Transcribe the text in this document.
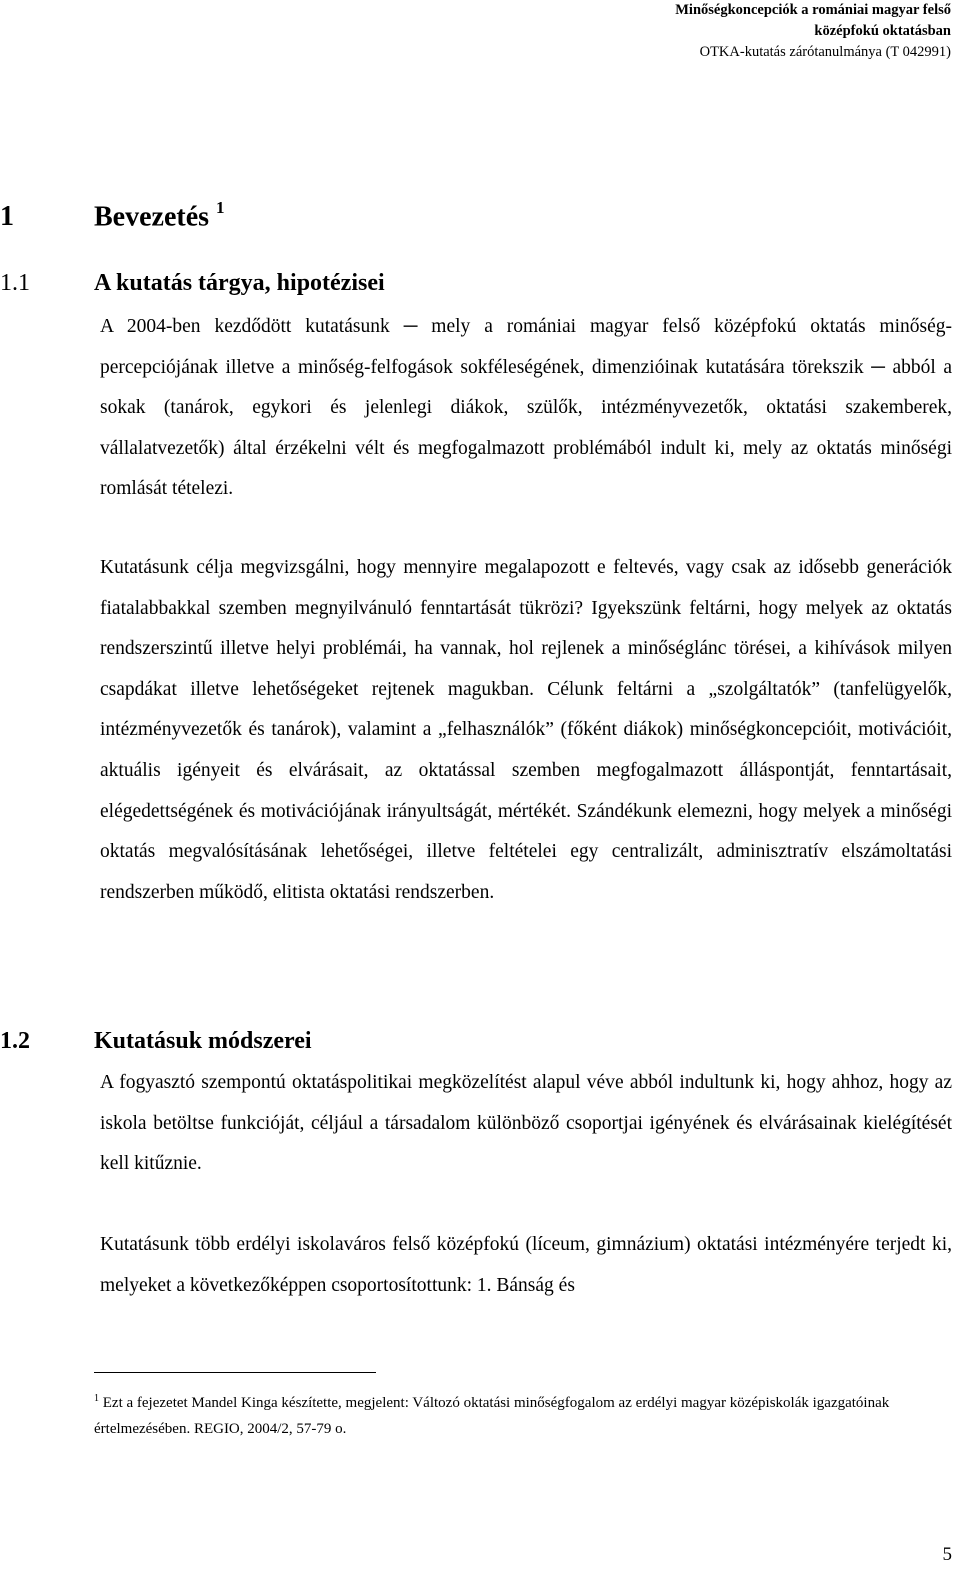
Minőségkoncepciók a romániai magyar felső
középfokú oktatásban
OTKA-kutatás zárótanulmánya (T 042991)
1	Bevezetés $^1$
1.1	A kutatás tárgya, hipotézisei
A 2004-ben kezdődött kutatásunk ─ mely a romániai magyar felső középfokú oktatás minőség-percepciójának illetve a minőség-felfogások sokféleségének, dimenzióinak kutatására törekszik ─ abból a sokak (tanárok, egykori és jelenlegi diákok, szülők, intézményvezetők, oktatási szakemberek, vállalatvezetők) által érzékelni vélt és megfogalmazott problémából indult ki, mely az oktatás minőségi romlását tételezi.
Kutatásunk célja megvizsgálni, hogy mennyire megalapozott e feltevés, vagy csak az idősebb generációk fiatalabbakkal szemben megnyilvánuló fenntartását tükrözi? Igyekszünk feltárni, hogy melyek az oktatás rendszerszintű illetve helyi problémái, ha vannak, hol rejlenek a minőséglánc törései, a kihívások milyen csapdákat illetve lehetőségeket rejtenek magukban. Célunk feltárni a „szolgáltatók” (tanfelügyelők, intézményvezetők és tanárok), valamint a „felhasználók” (főként diákok) minőségkoncepcióit, motivációit, aktuális igényeit és elvárásait, az oktatással szemben megfogalmazott álláspontját, fenntartásait, elégedettségének és motivációjának irányultságát, mértékét. Szándékunk elemezni, hogy melyek a minőségi oktatás megvalósításának lehetőségei, illetve feltételei egy centralizált, adminisztratív elszámoltatási rendszerben működő, elitista oktatási rendszerben.
1.2	Kutatásuk módszerei
A fogyasztó szempontú oktatáspolitikai megközelítést alapul véve abból indultunk ki, hogy ahhoz, hogy az iskola betöltse funkcióját, céljául a társadalom különböző csoportjai igényének és elvárásainak kielégítését kell kitűznie.
Kutatásunk több erdélyi iskolaváros felső középfokú (líceum, gimnázium) oktatási intézményére terjedt ki, melyeket a következőképpen csoportosítottunk: 1. Bánság és
$^1$ Ezt a fejezetet Mandel Kinga készítette, megjelent: Változó oktatási minőségfogalom az erdélyi magyar középiskolák igazgatóinak értelmezésében. REGIO, 2004/2, 57-79 o.
5
